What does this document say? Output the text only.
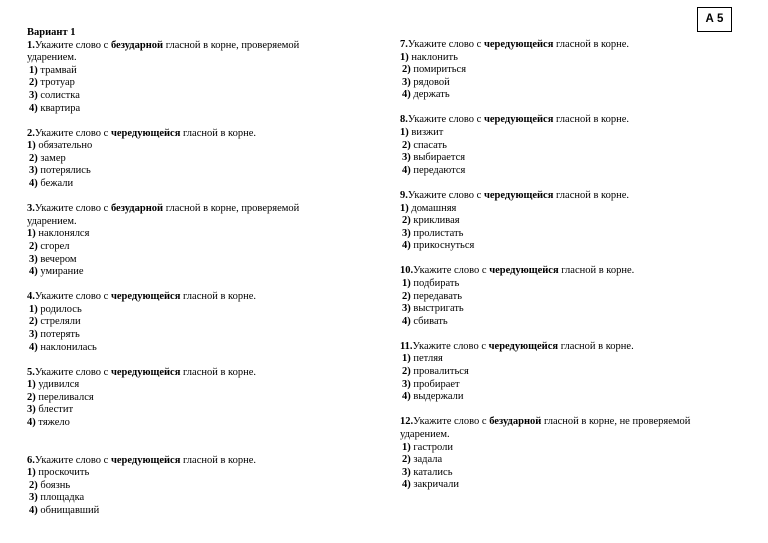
А 5
Вариант 1
1.Укажите слово с безударной гласной в корне, проверяемой ударением.
1) трамвай
2) тротуар
3) солистка
4) квартира
2.Укажите слово с чередующейся гласной в корне.
1) обязательно
2) замер
3) потерялись
4) бежали
3.Укажите слово с безударной гласной в корне, проверяемой ударением.
1) наклонялся
2) сгорел
3) вечером
4) умирание
4.Укажите слово с чередующейся гласной в корне.
1) родилось
2) стреляли
3) потерять
4) наклонилась
5.Укажите слово с чередующейся гласной в корне.
1) удивился
2) переливался
3) блестит
4) тяжело
6.Укажите слово с чередующейся гласной в корне.
1) проскочить
2) боязнь
3) площадка
4) обнищавший
7.Укажите слово с чередующейся гласной в корне.
1) наклонить
2) помириться
3) рядовой
4) держать
8.Укажите слово с чередующейся гласной в корне.
1) визжит
2) спасать
3) выбирается
4) передаются
9.Укажите слово с чередующейся гласной в корне.
1) домашняя
2) крикливая
3) пролистать
4) прикоснуться
10.Укажите слово с чередующейся гласной в корне.
1) подбирать
2) передавать
3) выстригать
4) сбивать
11.Укажите слово с чередующейся гласной в корне.
1) петляя
2) провалиться
3) пробирает
4) выдержали
12.Укажите слово с безударной гласной в корне, не проверяемой ударением.
1) гастроли
2) задала
3) катались
4) закричали
